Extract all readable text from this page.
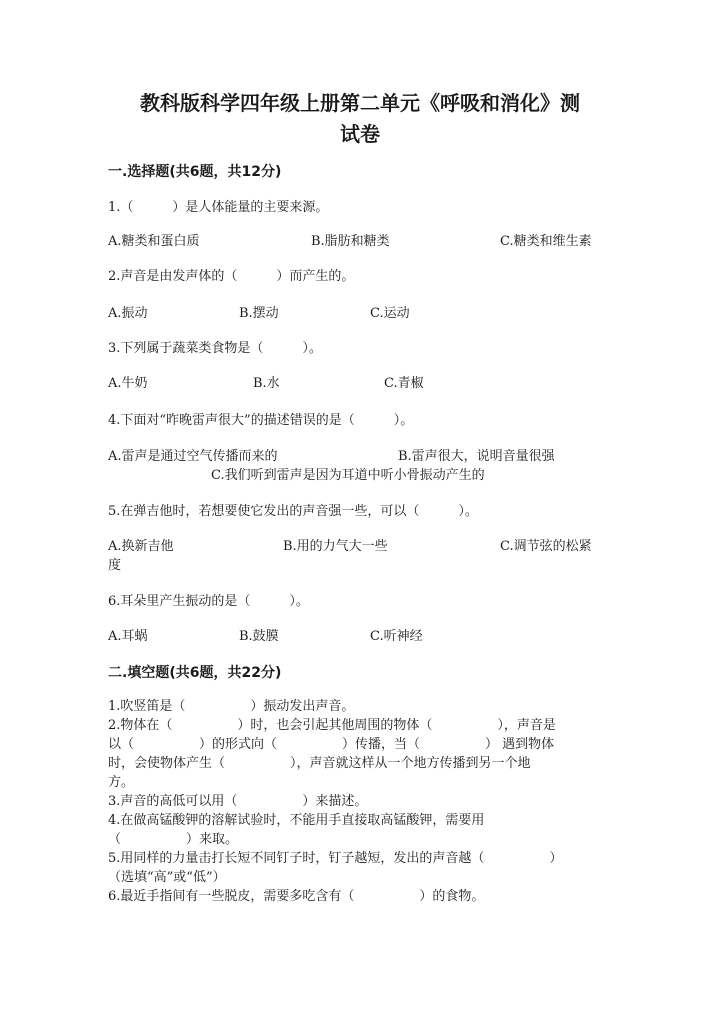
教科版科学四年级上册第二单元《呼吸和消化》测
试卷
一.选择题(共6题，共12分)
1.（　　　）是人体能量的主要来源。
A.糖类和蛋白质	B.脂肪和糖类	C.糖类和维生素
2.声音是由发声体的（　　　）而产生的。
A.振动	B.摆动	C.运动
3.下列属于蔬菜类食物是（　　　）。
A.牛奶	B.水	C.青椒
4.下面对“昨晚雷声很大”的描述错误的是（　　　）。
A.雷声是通过空气传播而来的	B.雷声很大，说明音量很强
C.我们听到雷声是因为耳道中听小骨振动产生的
5.在弹吉他时，若想要使它发出的声音强一些，可以（　　　）。
A.换新吉他	B.用的力气大一些	C.调节弦的松紧
度
6.耳朵里产生振动的是（　　　）。
A.耳蜗	B.鼓膜	C.听神经
二.填空题(共6题，共22分)

1.吹竖笛是（　　　　　）振动发出声音。

2.物体在（　　　　　）时，也会引起其他周围的物体（　　　　　），声音是

以（　　　　　）的形式向（　　　　　）传播，当（　　　　　） 遇到物体

时，会使物体产生（　　　　　），声音就这样从一个地方传播到另一个地

方。

3.声音的高低可以用（　　　　　）来描述。

4.在做高锰酸钾的溶解试验时，不能用手直接取高锰酸钾，需要用

（　　　　　）来取。

5.用同样的力量击打长短不同钉子时，钉子越短，发出的声音越（　　　　　）

（选填“高”或“低”）

6.最近手指间有一些脱皮，需要多吃含有（　　　　　）的食物。
